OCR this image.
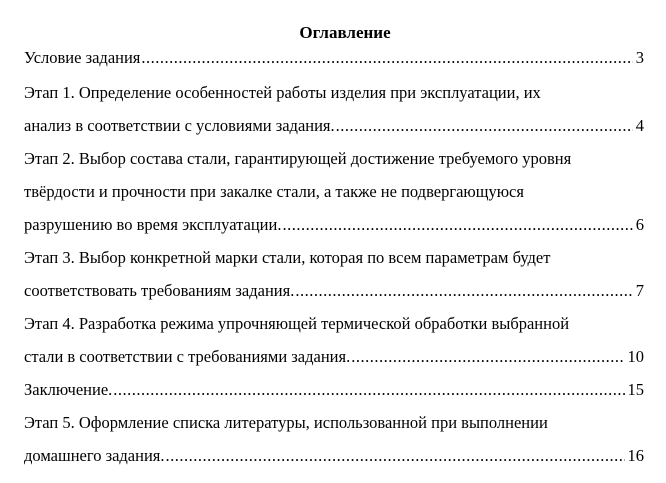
Оглавление
Условие задания .....	3
Этап 1. Определение особенностей работы изделия при эксплуатации, их
анализ в соответствии с условиями задания. .....	4
Этап 2. Выбор состава стали, гарантирующей достижение требуемого уровня
твёрдости и прочности при закалке стали, а также не подвергающуюся
разрушению во время эксплуатации. .....	6
Этап 3. Выбор конкретной марки стали, которая по всем параметрам будет
соответствовать требованиям задания. .....	7
Этап 4. Разработка режима упрочняющей термической обработки выбранной
стали в соответствии с требованиями задания. .....	10
Заключение. .....	15
Этап 5. Оформление списка литературы, использованной при выполнении
домашнего задания. .....	16
